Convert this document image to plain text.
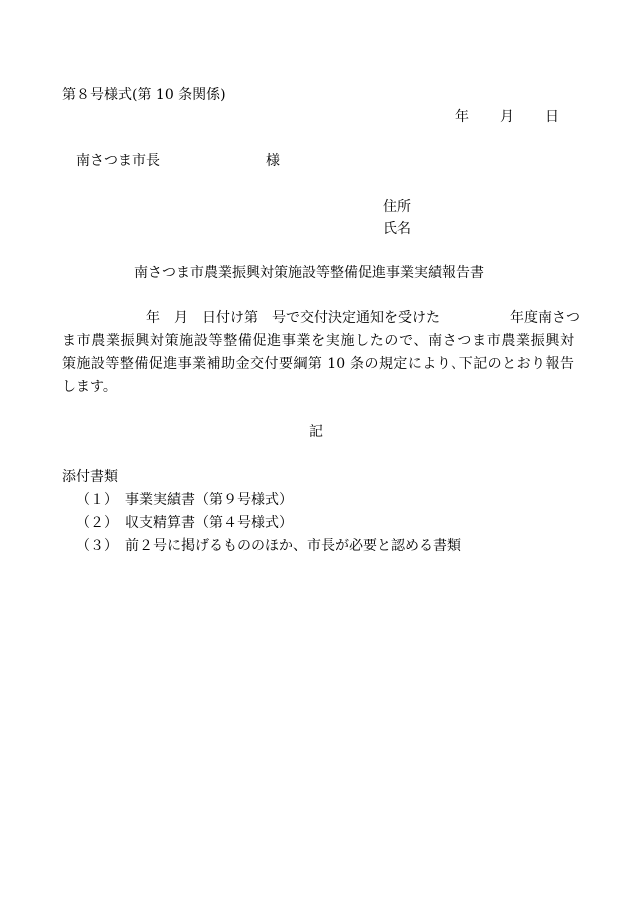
第８号様式(第 10 条関係)
年 月 日
南さつま市長	様
住所
氏名
南さつま市農業振興対策施設等整備促進事業実績報告書
　　　　　　年　月　日付け第　号で交付決定通知を受けた　　　　　年度南さつ
ま市農業振興対策施設等整備促進事業を実施したので、南さつま市農業振興対
策施設等整備促進事業補助金交付要綱第 10 条の規定により､下記のとおり報告
します。
記
添付書類
（１）　事業実績書（第９号様式）
（２）　収支精算書（第４号様式）
（３）　前２号に掲げるもののほか、市長が必要と認める書類
